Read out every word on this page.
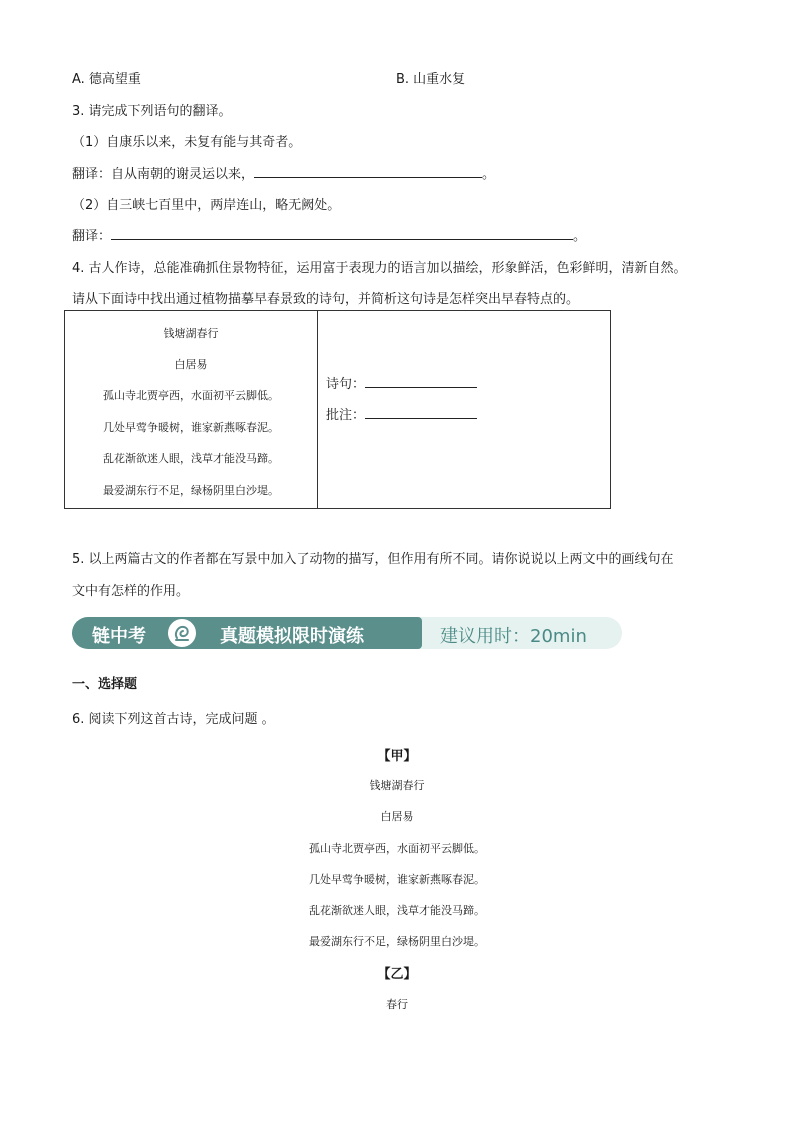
A. 德高望重	B. 山重水复
3. 请完成下列语句的翻译。
（1）自康乐以来，未复有能与其奇者。
翻译：自从南朝的谢灵运以来，	。
（2）自三峡七百里中，两岸连山，略无阙处。
翻译：	。
4. 古人作诗，总能准确抓住景物特征，运用富于表现力的语言加以描绘，形象鲜活，色彩鲜明，清新自然。
请从下面诗中找出通过植物描摹早春景致的诗句，并简析这句诗是怎样突出早春特点的。
钱塘湖春行
白居易
孤山寺北贾亭西，水面初平云脚低。
几处早莺争暖树，谁家新燕啄春泥。
乱花渐欲迷人眼，浅草才能没马蹄。
最爱湖东行不足，绿杨阴里白沙堤。

诗句：
批注：
5. 以上两篇古文的作者都在写景中加入了动物的描写，但作用有所不同。请你说说以上两文中的画线句在
文中有怎样的作用。
链中考	真题模拟限时演练	建议用时：20min
一、选择题
6. 阅读下列这首古诗，完成问题 。
【甲】
钱塘湖春行
白居易
孤山寺北贾亭西，水面初平云脚低。
几处早莺争暖树，谁家新燕啄春泥。
乱花渐欲迷人眼，浅草才能没马蹄。
最爱湖东行不足，绿杨阴里白沙堤。
【乙】
春行
